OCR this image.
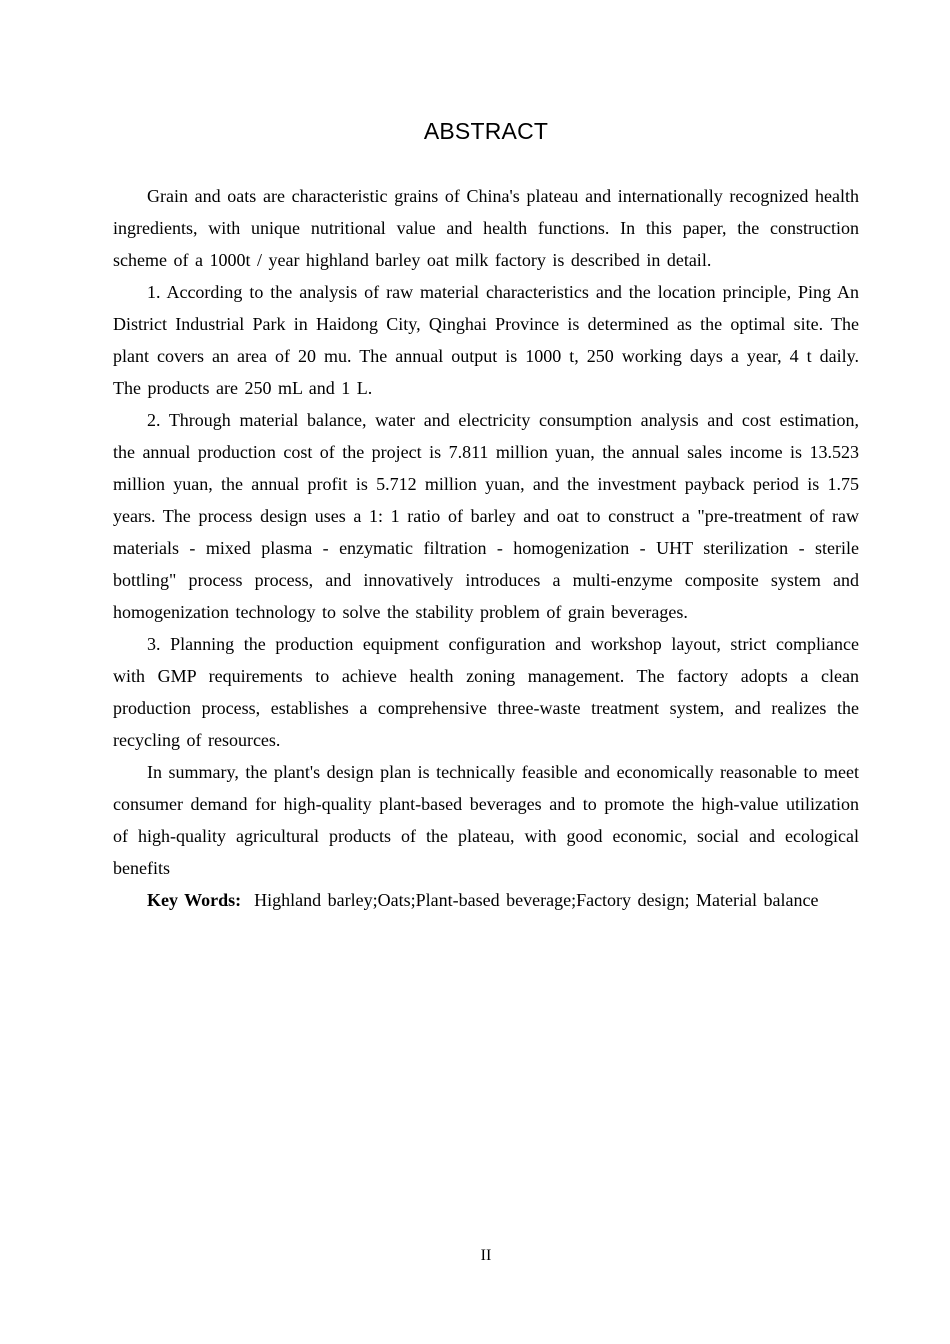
ABSTRACT

Grain and oats are characteristic grains of China's plateau and internationally recognized health ingredients, with unique nutritional value and health functions. In this paper, the construction scheme of a 1000t / year highland barley oat milk factory is described in detail.

1. According to the analysis of raw material characteristics and the location principle, Ping An District Industrial Park in Haidong City, Qinghai Province is determined as the optimal site. The plant covers an area of 20 mu. The annual output is 1000 t, 250 working days a year, 4 t daily. The products are 250 mL and 1 L.

2. Through material balance, water and electricity consumption analysis and cost estimation, the annual production cost of the project is 7.811 million yuan, the annual sales income is 13.523 million yuan, the annual profit is 5.712 million yuan, and the investment payback period is 1.75 years. The process design uses a 1: 1 ratio of barley and oat to construct a "pre-treatment of raw materials - mixed plasma - enzymatic filtration - homogenization - UHT sterilization - sterile bottling" process process, and innovatively introduces a multi-enzyme composite system and homogenization technology to solve the stability problem of grain beverages.

3. Planning the production equipment configuration and workshop layout, strict compliance with GMP requirements to achieve health zoning management. The factory adopts a clean production process, establishes a comprehensive three-waste treatment system, and realizes the recycling of resources.

In summary, the plant's design plan is technically feasible and economically reasonable to meet consumer demand for high-quality plant-based beverages and to promote the high-value utilization of high-quality agricultural products of the plateau, with good economic, social and ecological benefits

Key Words: Highland barley;Oats;Plant-based beverage;Factory design; Material balance

II
